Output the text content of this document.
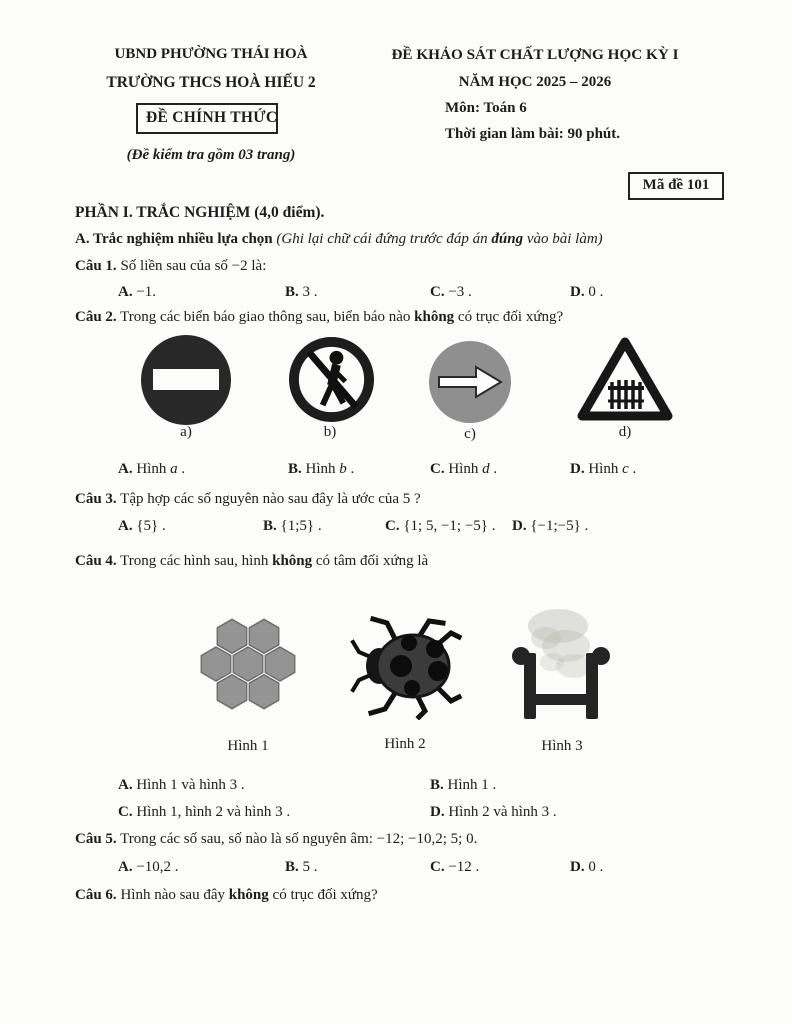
UBND PHƯỜNG THÁI HOÀ
TRƯỜNG THCS HOÀ HIẾU 2
ĐỀ CHÍNH THỨC
(Đề kiểm tra gồm 03 trang)
ĐỀ KHẢO SÁT CHẤT LƯỢNG HỌC KỲ I
NĂM HỌC 2025 – 2026
Môn: Toán 6
Thời gian làm bài: 90 phút.
Mã đề 101
PHẦN I. TRẮC NGHIỆM (4,0 điểm).
A. Trắc nghiệm nhiều lựa chọn (Ghi lại chữ cái đứng trước đáp án đúng vào bài làm)
Câu 1. Số liền sau của số −2 là:
A. −1.	B. 3 .	C. −3 .	D. 0 .
Câu 2. Trong các biển báo giao thông sau, biển báo nào không có trục đối xứng?
a)	b)	c)	d)
A. Hình a .	B. Hình b .	C. Hình d .	D. Hình c .
Câu 3. Tập hợp các số nguyên nào sau đây là ước của 5 ?
A. {5} .	B. {1;5} .	C. {1; 5, −1; −5} . D. {−1;−5} .
Câu 4. Trong các hình sau, hình không có tâm đối xứng là
Hình 1	Hình 2	Hình 3
A. Hình 1 và hình 3 .	B. Hình 1 .
C. Hình 1, hình 2 và hình 3 .	D. Hình 2 và hình 3 .
Câu 5. Trong các số sau, số nào là số nguyên âm: −12; −10,2; 5; 0.
A. −10,2 .	B. 5 .	C. −12 .	D. 0 .
Câu 6. Hình nào sau đây không có trục đối xứng?
